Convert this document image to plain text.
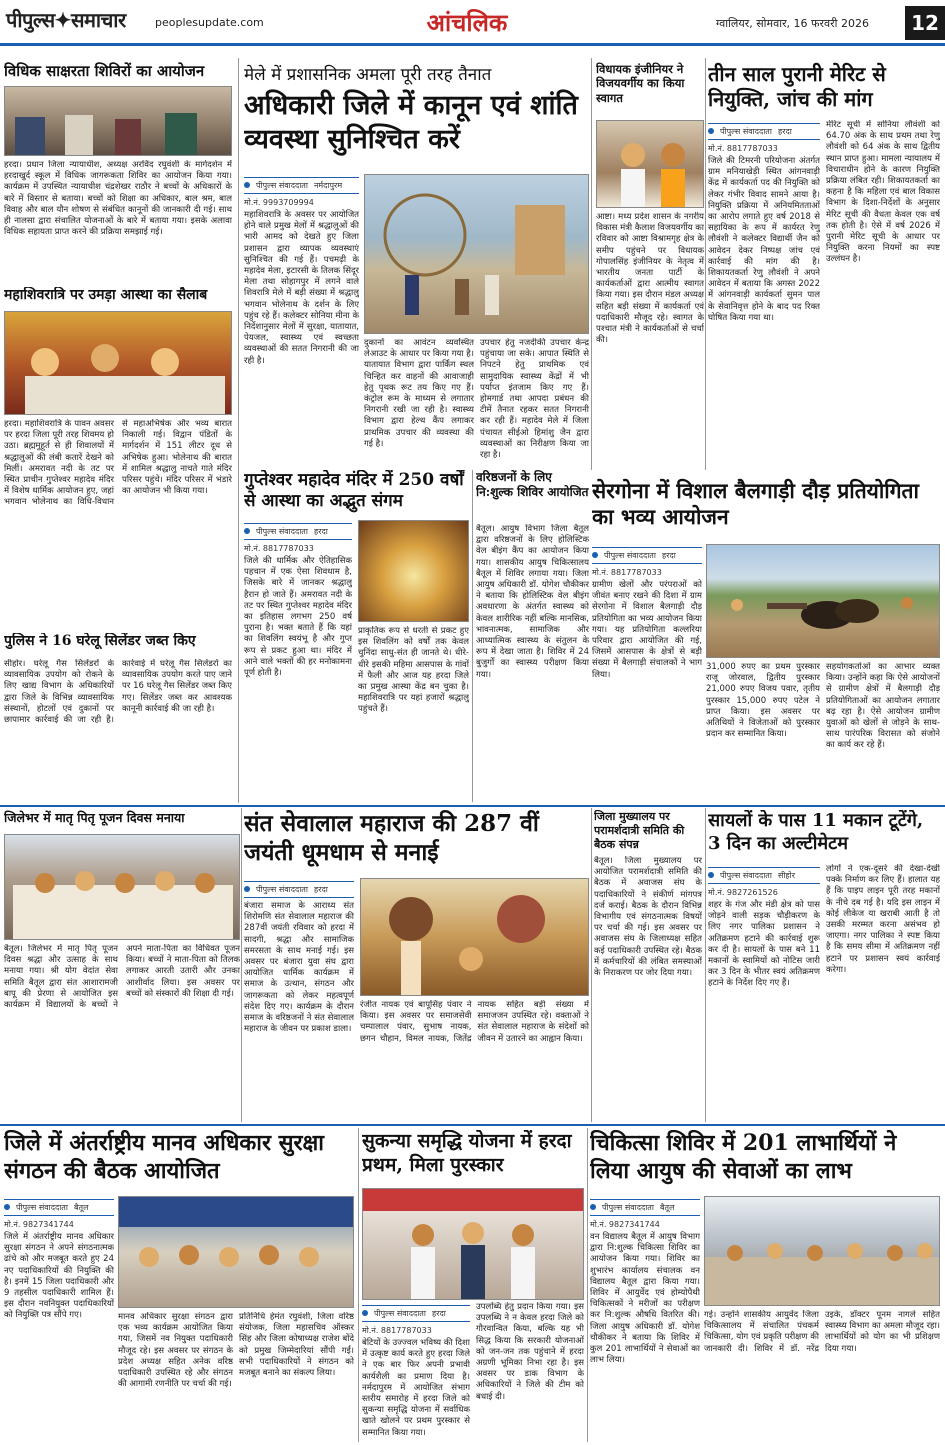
पीपुल्स✦समाचार	peoplesupdate.com	आंचलिक	ग्वालियर, सोमवार, 16 फरवरी 2026	12
विधिक साक्षरता शिविरों का आयोजन
हरदा। प्रधान जिला न्यायाधीश, अध्यक्ष अरविंद रघुवंशी के मार्गदर्शन में हरदाखुर्द स्कूल में विधिक जागरूकता शिविर का आयोजन किया गया। कार्यक्रम में उपस्थित न्यायाधीश चंद्रशेखर राठौर ने बच्चों के अधिकारों के बारे में विस्तार से बताया। बच्चों को शिक्षा का अधिकार, बाल श्रम, बाल विवाह और बाल यौन शोषण से संबंधित कानूनों की जानकारी दी गई। साथ ही नालसा द्वारा संचालित योजनाओं के बारे में बताया गया। इसके अलावा विधिक सहायता प्राप्त करने की प्रक्रिया समझाई गई।
महाशिवरात्रि पर उमड़ा आस्था का सैलाब
हरदा। महाशिवरात्रि के पावन अवसर पर हरदा जिला पूरी तरह शिवमय हो उठा। ब्रह्ममुहूर्त से ही शिवालयों में श्रद्धालुओं की लंबी कतारें देखने को मिलीं। अमरावत नदी के तट पर स्थित प्राचीन गुप्तेश्वर महादेव मंदिर में विशेष धार्मिक आयोजन हुए, जहां भगवान भोलेनाथ का विधि-विधान से महाअभिषेक और भव्य बारात निकाली गई। विद्वान पंडितों के मार्गदर्शन में 151 लीटर दूध से अभिषेक हुआ। भोलेनाथ की बारात में शामिल श्रद्धालु नाचते गाते मंदिर परिसर पहुंचे। मंदिर परिसर में भंडारे का आयोजन भी किया गया।
पुलिस ने 16 घरेलू सिलेंडर जब्त किए
सीहोर। घरेलू गैस सिलेंडरों के व्यावसायिक उपयोग को रोकने के लिए खाद्य विभाग के अधिकारियों द्वारा जिले के विभिन्न व्यावसायिक संस्थानों, होटलों एवं दुकानों पर छापामार कार्रवाई की जा रही है। कार्रवाई में घरेलू गैस सिलेंडरों का व्यावसायिक उपयोग करते पाए जाने पर 16 घरेलू गैस सिलेंडर जब्त किए गए। सिलेंडर जब्त कर आवश्यक कानूनी कार्रवाई की जा रही है।
मेले में प्रशासनिक अमला पूरी तरह तैनात
अधिकारी जिले में कानून एवं शांति व्यवस्था सुनिश्चित करें
पीपुल्स संवाददाता नर्मदापुरम
मो.नं. 9993709994
महाशिवरात्रि के अवसर पर आयोजित होने वाले प्रमुख मेलों में श्रद्धालुओं की भारी आमद को देखते हुए जिला प्रशासन द्वारा व्यापक व्यवस्थाएं सुनिश्चित की गई हैं। पचमढ़ी के महादेव मेला, इटारसी के तिलक सिंदूर मेला तथा सोहागपुर में लगने वाले शिवरात्रि मेले में बड़ी संख्या में श्रद्धालु भगवान भोलेनाथ के दर्शन के लिए पहुंच रहे हैं। कलेक्टर सोनिया मीना के निर्देशानुसार मेलों में सुरक्षा, यातायात, पेयजल, स्वास्थ्य एवं स्वच्छता व्यवस्थाओं की सतत निगरानी की जा रही है।
दुकानों का आवंटन व्यवस्थित लेआउट के आधार पर किया गया है। यातायात विभाग द्वारा पार्किंग स्थल चिन्हित कर वाहनों की आवाजाही हेतु पृथक रूट तय किए गए हैं। कंट्रोल रूम के माध्यम से लगातार निगरानी रखी जा रही है। स्वास्थ्य विभाग द्वारा हेल्थ कैंप लगाकर प्राथमिक उपचार की व्यवस्था की गई है।
उपचार हेतु नजदीकी उपचार केन्द्र पहुंचाया जा सके। आपात स्थिति से निपटने हेतु प्राथमिक एवं सामुदायिक स्वास्थ्य केंद्रों में भी पर्याप्त इंतजाम किए गए हैं। होमगार्ड तथा आपदा प्रबंधन की टीमें तैनात रहकर सतत निगरानी कर रही हैं। महादेव मेले में जिला पंचायत सीईओ हिमांशु जैन द्वारा व्यवस्थाओं का निरीक्षण किया जा रहा है।
गुप्तेश्वर महादेव मंदिर में 250 वर्षों से आस्था का अद्भुत संगम
पीपुल्स संवाददाता हरदा
मो.नं. 8817787033
जिले की धार्मिक और ऐतिहासिक पहचान में एक ऐसा शिवधाम है, जिसके बारे में जानकर श्रद्धालु हैरान हो जाते हैं। अमरावत नदी के तट पर स्थित गुप्तेश्वर महादेव मंदिर का इतिहास लगभग 250 वर्ष पुराना है। भक्त बताते हैं कि यहां का शिवलिंग स्वयंभू है और गुप्त रूप से प्रकट हुआ था। मंदिर में आने वाले भक्तों की हर मनोकामना पूर्ण होती है।
प्राकृतिक रूप से धरती से प्रकट हुए इस शिवलिंग को वर्षों तक केवल चुनिंदा साधु-संत ही जानते थे। धीरे-धीरे इसकी महिमा आसपास के गांवों में फैली और आज यह हरदा जिले का प्रमुख आस्था केंद्र बन चुका है। महाशिवरात्रि पर यहां हजारों श्रद्धालु पहुंचते हैं।
वरिष्ठजनों के लिए नि:शुल्क शिविर आयोजित
बैतूल। आयुष विभाग जिला बैतूल द्वारा वरिष्ठजनों के लिए होलिस्टिक वेल बीइंग कैंप का आयोजन किया गया। शासकीय आयुष चिकित्सालय बैतूल में शिविर लगाया गया। जिला आयुष अधिकारी डॉ. योगेश चौकीकर ने बताया कि होलिस्टिक वेल बीइंग अवधारणा के अंतर्गत स्वास्थ्य को केवल शारीरिक नहीं बल्कि मानसिक, भावनात्मक, सामाजिक और आध्यात्मिक स्वास्थ्य के संतुलन के रूप में देखा जाता है। शिविर में 24 बुजुर्गों का स्वास्थ्य परीक्षण किया गया।
विधायक इंजीनियर ने विजयवर्गीय का किया स्वागत
आष्टा। मध्य प्रदेश शासन के नगरीय विकास मंत्री कैलाश विजयवर्गीय का रविवार को आष्टा विश्रामगृह क्षेत्र के समीप पहुंचने पर विधायक गोपालसिंह इंजीनियर के नेतृत्व में भारतीय जनता पार्टी के कार्यकर्ताओं द्वारा आत्मीय स्वागत किया गया। इस दौरान मंडल अध्यक्ष सहित बड़ी संख्या में कार्यकर्ता एवं पदाधिकारी मौजूद रहे। स्वागत के पश्चात मंत्री ने कार्यकर्ताओं से चर्चा की।
तीन साल पुरानी मेरिट से नियुक्ति, जांच की मांग
पीपुल्स संवाददाता हरदा
मो.नं. 8817787033
जिले की टिमरनी परियोजना अंतर्गत ग्राम मनियाखेड़ी स्थित आंगनवाड़ी केंद्र में कार्यकर्ता पद की नियुक्ति को लेकर गंभीर विवाद सामने आया है। नियुक्ति प्रक्रिया में अनियमितताओं का आरोप लगाते हुए वर्ष 2018 से सहायिका के रूप में कार्यरत रेणु लौवंशी ने कलेक्टर विद्यार्थी जैन को आवेदन देकर निष्पक्ष जांच एवं कार्रवाई की मांग की है। शिकायतकर्ता रेणु लौवंशी ने अपने आवेदन में बताया कि अगस्त 2022 में आंगनवाड़ी कार्यकर्ता सुमन पाल के सेवानिवृत्त होने के बाद पद रिक्त घोषित किया गया था।
मेरिट सूची में सोनिया लौवंशी को 64.70 अंक के साथ प्रथम तथा रेणु लौवंशी को 64 अंक के साथ द्वितीय स्थान प्राप्त हुआ। मामला न्यायालय में विचाराधीन होने के कारण नियुक्ति प्रक्रिया लंबित रही। शिकायतकर्ता का कहना है कि महिला एवं बाल विकास विभाग के दिशा-निर्देशों के अनुसार मेरिट सूची की वैधता केवल एक वर्ष तक होती है। ऐसे में वर्ष 2026 में पुरानी मेरिट सूची के आधार पर नियुक्ति करना नियमों का स्पष्ट उल्लंघन है।
सेरगोना में विशाल बैलगाड़ी दौड़ प्रतियोगिता का भव्य आयोजन
पीपुल्स संवाददाता हरदा
मो.नं. 8817787033
ग्रामीण खेलों और परंपराओं को जीवंत बनाए रखने की दिशा में ग्राम सेरगोना में विशाल बैलगाड़ी दौड़ प्रतियोगिता का भव्य आयोजन किया गया। यह प्रतियोगिता कल्लरिया परिवार द्वारा आयोजित की गई, जिसमें आसपास के क्षेत्रों से बड़ी संख्या में बैलगाड़ी संचालकों ने भाग लिया।
31,000 रुपए का प्रथम पुरस्कार राजू जोरवाल, द्वितीय पुरस्कार 21,000 रुपए विजय पवार, तृतीय पुरस्कार 15,000 रुपए पटेल ने प्राप्त किया। इस अवसर पर अतिथियों ने विजेताओं को पुरस्कार प्रदान कर सम्मानित किया।
सहयोगकर्ताओं का आभार व्यक्त किया। उन्होंने कहा कि ऐसे आयोजनों से ग्रामीण क्षेत्रों में बैलगाड़ी दौड़ प्रतियोगिताओं का आयोजन लगातार बढ़ रहा है। ऐसे आयोजन ग्रामीण युवाओं को खेलों से जोड़ने के साथ-साथ पारंपरिक विरासत को संजोने का कार्य कर रहे हैं।
जिलेभर में मातृ पितृ पूजन दिवस मनाया
बैतूल। जिलेभर में मातृ पितृ पूजन दिवस श्रद्धा और उत्साह के साथ मनाया गया। श्री योग वेदांत सेवा समिति बैतूल द्वारा संत आशारामजी बापू की प्रेरणा से आयोजित इस कार्यक्रम में विद्यालयों के बच्चों ने अपने माता-पिता का विधिवत पूजन किया। बच्चों ने माता-पिता को तिलक लगाकर आरती उतारी और उनका आशीर्वाद लिया। इस अवसर पर बच्चों को संस्कारों की शिक्षा दी गई।
संत सेवालाल महाराज की 287 वीं जयंती धूमधाम से मनाई
पीपुल्स संवाददाता हरदा
बंजारा समाज के आराध्य संत शिरोमणि संत सेवालाल महाराज की 287वीं जयंती रविवार को हरदा में सादगी, श्रद्धा और सामाजिक समरसता के साथ मनाई गई। इस अवसर पर बंजारा युवा संघ द्वारा आयोजित धार्मिक कार्यक्रम में समाज के उत्थान, संगठन और जागरूकता को लेकर महत्वपूर्ण संदेश दिए गए। कार्यक्रम के दौरान समाज के वरिष्ठजनों ने संत सेवालाल महाराज के जीवन पर प्रकाश डाला।
रंजीत नायक एवं बापूसिंह पंवार ने किया। इस अवसर पर समाजसेवी चम्पालाल पंवार, सुभाष नायक, छगन चौहान, विमल नायक, जितेंद्र नायक सहित बड़ी संख्या में समाजजन उपस्थित रहे। वक्ताओं ने संत सेवालाल महाराज के संदेशों को जीवन में उतारने का आह्वान किया।
जिला मुख्यालय पर परामर्शदात्री समिति की बैठक संपन्न
बैतूल। जिला मुख्यालय पर आयोजित परामर्शदात्री समिति की बैठक में अवाजस संघ के पदाधिकारियों ने संकीर्ण मांगपत्र दर्ज कराई। बैठक के दौरान विभिन्न विभागीय एवं संगठनात्मक विषयों पर चर्चा की गई। इस अवसर पर अवाजस संघ के जिलाध्यक्ष सहित कई पदाधिकारी उपस्थित रहे। बैठक में कर्मचारियों की लंबित समस्याओं के निराकरण पर जोर दिया गया।
सायलों के पास 11 मकान टूटेंगे, 3 दिन का अल्टीमेटम
पीपुल्स संवाददाता सीहोर
मो.नं. 9827261526
शहर के गंज और मंडी क्षेत्र को पास जोड़ने वाली सड़क चौड़ीकरण के लिए नगर पालिका प्रशासन ने अतिक्रमण हटाने की कार्रवाई शुरू कर दी है। सायलों के पास बने 11 मकानों के स्वामियों को नोटिस जारी कर 3 दिन के भीतर स्वयं अतिक्रमण हटाने के निर्देश दिए गए हैं।
लोगों ने एक-दूसरे की देखा-देखी पक्के निर्माण कर लिए हैं। हालात यह हैं कि पाइप लाइन पूरी तरह मकानों के नीचे दब गई है। यदि इस लाइन में कोई लीकेज या खराबी आती है तो उसकी मरम्मत करना असंभव हो जाएगा। नगर पालिका ने स्पष्ट किया है कि समय सीमा में अतिक्रमण नहीं हटाने पर प्रशासन स्वयं कार्रवाई करेगा।
जिले में अंतर्राष्ट्रीय मानव अधिकार सुरक्षा संगठन की बैठक आयोजित
पीपुल्स संवाददाता बैतूल
मो.नं. 9827341744
जिले में अंतर्राष्ट्रीय मानव अधिकार सुरक्षा संगठन ने अपने संगठनात्मक ढांचे को और मजबूत करते हुए 24 नए पदाधिकारियों की नियुक्ति की है। इनमें 15 जिला पदाधिकारी और 9 तहसील पदाधिकारी शामिल हैं। इस दौरान नवनियुक्त पदाधिकारियों को नियुक्ति पत्र सौंपे गए।	मानव अधिकार सुरक्षा संगठन द्वारा एक भव्य कार्यक्रम आयोजित किया गया, जिसमें नव नियुक्त पदाधिकारी मौजूद रहे। इस अवसर पर संगठन के प्रदेश अध्यक्ष सहित अनेक वरिष्ठ पदाधिकारी उपस्थित रहे और संगठन की आगामी रणनीति पर चर्चा की गई।
प्रतिनिधि हेमंत रघुवंशी, जिला वरिष्ठ संयोजक, जिला महासचिव ऑस्कर सिंह और जिला कोषाध्यक्ष राजेश बोंदे को प्रमुख जिम्मेदारियां सौंपी गईं। सभी पदाधिकारियों ने संगठन को मजबूत बनाने का संकल्प लिया।
सुकन्या समृद्धि योजना में हरदा प्रथम, मिला पुरस्कार
पीपुल्स संवाददाता हरदा
मो.नं. 8817787033
बेटियों के उज्ज्वल भविष्य की दिशा में उत्कृष्ट कार्य करते हुए हरदा जिले ने एक बार फिर अपनी प्रभावी कार्यशैली का प्रमाण दिया है। नर्मदापुरम में आयोजित संभाग स्तरीय समारोह में हरदा जिले को सुकन्या समृद्धि योजना में सर्वाधिक खाते खोलने पर प्रथम पुरस्कार से सम्मानित किया गया।
उपलब्धि हेतु प्रदान किया गया। इस उपलब्धि ने न केवल हरदा जिले को गौरवान्वित किया, बल्कि यह भी सिद्ध किया कि सरकारी योजनाओं को जन-जन तक पहुंचाने में हरदा अग्रणी भूमिका निभा रहा है। इस अवसर पर डाक विभाग के अधिकारियों ने जिले की टीम को बधाई दी।
चिकित्सा शिविर में 201 लाभार्थियों ने लिया आयुष की सेवाओं का लाभ
पीपुल्स संवाददाता बैतूल
मो.नं. 9827341744
वन विद्यालय बैतूल में आयुष विभाग द्वारा नि:शुल्क चिकित्सा शिविर का आयोजन किया गया। शिविर का शुभारंभ कार्यालय संचालक वन विद्यालय बैतूल द्वारा किया गया। शिविर में आयुर्वेद एवं होम्योपैथी चिकित्सकों ने मरीजों का परीक्षण कर नि:शुल्क औषधि वितरित की। जिला आयुष अधिकारी डॉ. योगेश चौकीकर ने बताया कि शिविर में कुल 201 लाभार्थियों ने सेवाओं का लाभ लिया।
गई। उन्होंने शासकीय आयुर्वेद जिला चिकित्सालय में संचालित पंचकर्म चिकित्सा, योग एवं प्रकृति परीक्षण की जानकारी दी। शिविर में डॉ. नरेंद्र उइके, डॉक्टर पूनम नागले सहित स्वास्थ्य विभाग का अमला मौजूद रहा। लाभार्थियों को योग का भी प्रशिक्षण दिया गया।
